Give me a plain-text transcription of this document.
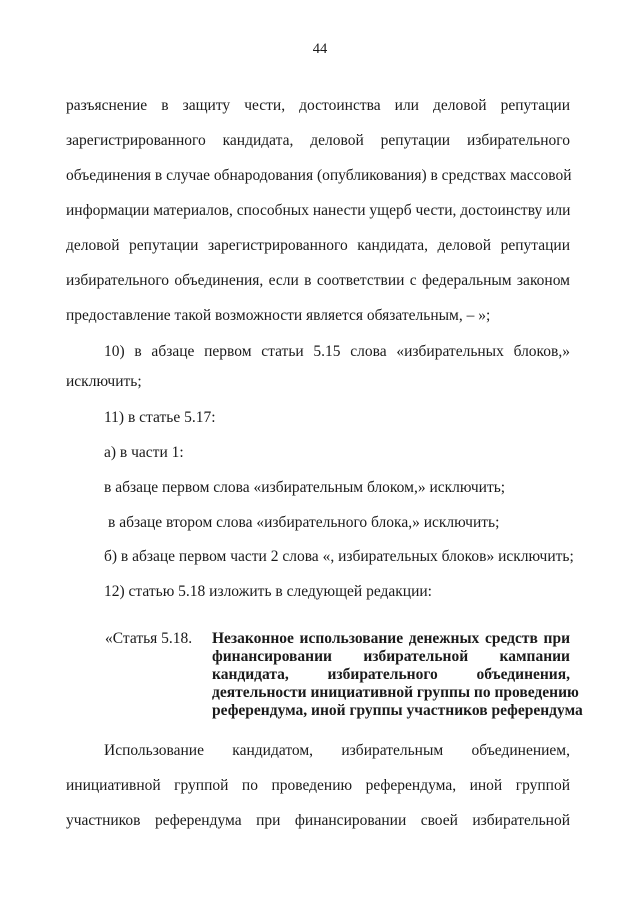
44
разъяснение в защиту чести, достоинства или деловой репутации
зарегистрированного кандидата, деловой репутации избирательного
объединения в случае обнародования (опубликования) в средствах массовой
информации материалов, способных нанести ущерб чести, достоинству или
деловой репутации зарегистрированного кандидата, деловой репутации
избирательного объединения, если в соответствии с федеральным законом
предоставление такой возможности является обязательным, – »;
10) в абзаце первом статьи 5.15 слова «избирательных блоков,»
исключить;
11) в статье 5.17:
а) в части 1:
в абзаце первом слова «избирательным блоком,» исключить;
в абзаце втором слова «избирательного блока,» исключить;
б) в абзаце первом части 2 слова «, избирательных блоков» исключить;
12) статью 5.18 изложить в следующей редакции:
«Статья 5.18. Незаконное использование денежных средств при
финансировании избирательной кампании
кандидата, избирательного объединения,
деятельности инициативной группы по проведению
референдума, иной группы участников референдума
Использование кандидатом, избирательным объединением,
инициативной группой по проведению референдума, иной группой
участников референдума при финансировании своей избирательной
